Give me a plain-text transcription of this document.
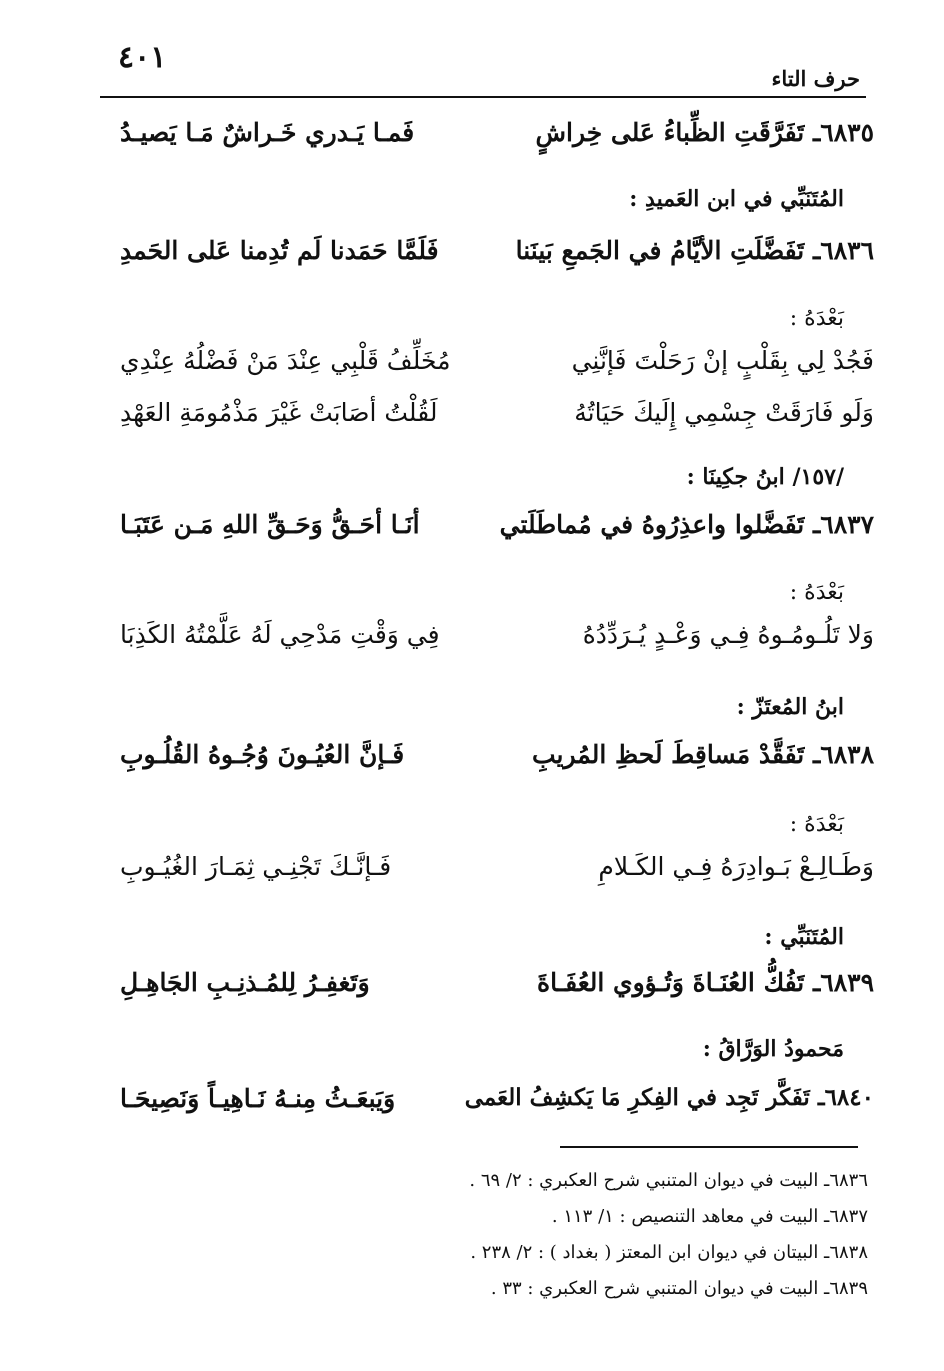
٤٠١
حرف التاء
٦٨٣٥ـ تَفَرَّقَتِ الظِّباءُ عَلى خِراشٍ
فَمـا يَـدري خَـراشٌ مَـا يَصيـدُ
المُتَنَبِّي في ابن العَميدِ :
٦٨٣٦ـ تَفَضَّلَتِ الأيَّامُ في الجَمعِ بَينَنا
فَلَمَّا حَمَدنا لَم تُدِمنا عَلى الحَمدِ
بَعْدَهُ :
فَجُدْ لِي بِقَلْبٍ إنْ رَحَلْتَ فَإنَّنِي
مُخَلِّفُ قَلْبِي عِنْدَ مَنْ فَضْلُهُ عِنْدِي
وَلَو فَارَقَتْ جِسْمِي إِلَيكَ حَيَاتُهُ
لَقُلْتُ أصَابَتْ غَيْرَ مَذْمُومَةِ العَهْدِ
/١٥٧/ ابنُ جكِينَا :
٦٨٣٧ـ تَفَضَّلوا واعذِرُوهُ في مُماطَلَتي
أنَـا أحَـقُّ وَحَـقِّ اللهِ مَـن عَتَبَـا
بَعْدَهُ :
وَلا تَلُـومُـوهُ فِـي وَعْـدٍ يُـرَدِّدُهُ
فِي وَقْتِ مَدْحِي لَهُ عَلَّمْتُهُ الكَذِبَا
ابنُ المُعتَزّ :
٦٨٣٨ـ تَفَقَّدْ مَساقِطَ لَحظِ المُريبِ
فَـإنَّ العُيُـونَ وُجُـوهُ القُلُـوبِ
بَعْدَهُ :
وَطَـالِـعْ بَـوادِرَهُ فِـي الكَـلامِ
فَـإنَّـكَ تَجْنِـي ثِمَـارَ الغُيُـوبِ
المُتَنَبِّي :
٦٨٣٩ـ تَفُكُّ العُنَـاةَ وَتُـؤوي العُفَـاةَ
وَتَغفِـرُ لِلمُـذنِـبِ الجَاهِـلِ
مَحمودُ الوَرَّاقُ :
٦٨٤٠ـ تَفَكَّر تَجِد في الفِكرِ مَا يَكشِفُ العَمى
وَيَبعَـثُ مِنـهُ نَـاهِيـاً وَنَصِيحَـا
٦٨٣٦ـ البيت في ديوان المتنبي شرح العكبري : ٢/ ٦٩ .
٦٨٣٧ـ البيت في معاهد التنصيص : ١/ ١١٣ .
٦٨٣٨ـ البيتان في ديوان ابن المعتز ( بغداد ) : ٢/ ٢٣٨ .
٦٨٣٩ـ البيت في ديوان المتنبي شرح العكبري : ٣٣ .
